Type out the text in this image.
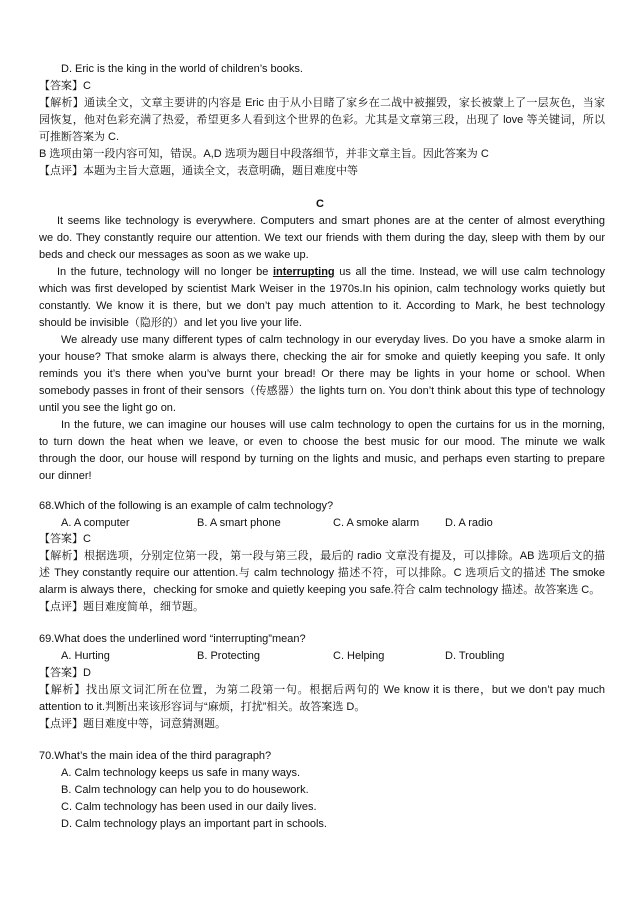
D. Eric is the king in the world of children’s books.
【答案】C
【解析】通读全文，文章主要讲的内容是 Eric 由于从小目睹了家乡在二战中被摧毁，家长被蒙上了一层灰色，当家
园恢复，他对色彩充满了热爱，希望更多人看到这个世界的色彩。尤其是文章第三段，出现了 love 等关键词，所以
可推断答案为 C.
B 选项由第一段内容可知，错误。A,D 选项为题目中段落细节，并非文章主旨。因此答案为 C
【点评】本题为主旨大意题，通读全文，表意明确，题目难度中等
C
It seems like technology is everywhere. Computers and smart phones are at the center of almost everything
we do. They constantly require our attention. We text our friends with them during the day, sleep with them by our
beds and check our messages as soon as we wake up.
In the future, technology will no longer be interrupting us all the time. Instead, we will use calm technology
which was first developed by scientist Mark Weiser in the 1970s.In his opinion, calm technology works quietly but
constantly. We know it is there, but we don’t pay much attention to it. According to Mark, he best technology
should be invisible（隐形的）and let you live your life.
We already use many different types of calm technology in our everyday lives. Do you have a smoke alarm in
your house? That smoke alarm is always there, checking the air for smoke and quietly keeping you safe. It only
reminds you it’s there when you’ve burnt your bread! Or there may be lights in your home or school. When
somebody passes in front of their sensors（传感器）the lights turn on. You don’t think about this type of technology
until you see the light go on.
In the future, we can imagine our houses will use calm technology to open the curtains for us in the morning,
to turn down the heat when we leave, or even to choose the best music for our mood. The minute we walk
through the door, our house will respond by turning on the lights and music, and perhaps even starting to prepare
our dinner!
68.Which of the following is an example of calm technology?
A. A computer	B. A smart phone	C. A smoke alarm D. A radio
【答案】C
【解析】根据选项，分别定位第一段，第一段与第三段，最后的 radio 文章没有提及，可以排除。AB 选项后文的描
述 They constantly require our attention.与 calm technology 描述不符，可以排除。C 选项后文的描述 The smoke
alarm is always there，checking for smoke and quietly keeping you safe.符合 calm technology 描述。故答案选 C。
【点评】题目难度简单，细节题。
69.What does the underlined word “interrupting”mean?
A. Hurting	B. Protecting	C. Helping	D. Troubling
【答案】D
【解析】找出原文词汇所在位置，为第二段第一句。根据后两句的 We know it is there，but we don’t pay much
attention to it.判断出来该形容词与“麻烦，打扰”相关。故答案选 D。
【点评】题目难度中等，词意猜测题。
70.What’s the main idea of the third paragraph?
A. Calm technology keeps us safe in many ways.
B. Calm technology can help you to do housework.
C. Calm technology has been used in our daily lives.
D. Calm technology plays an important part in schools.
